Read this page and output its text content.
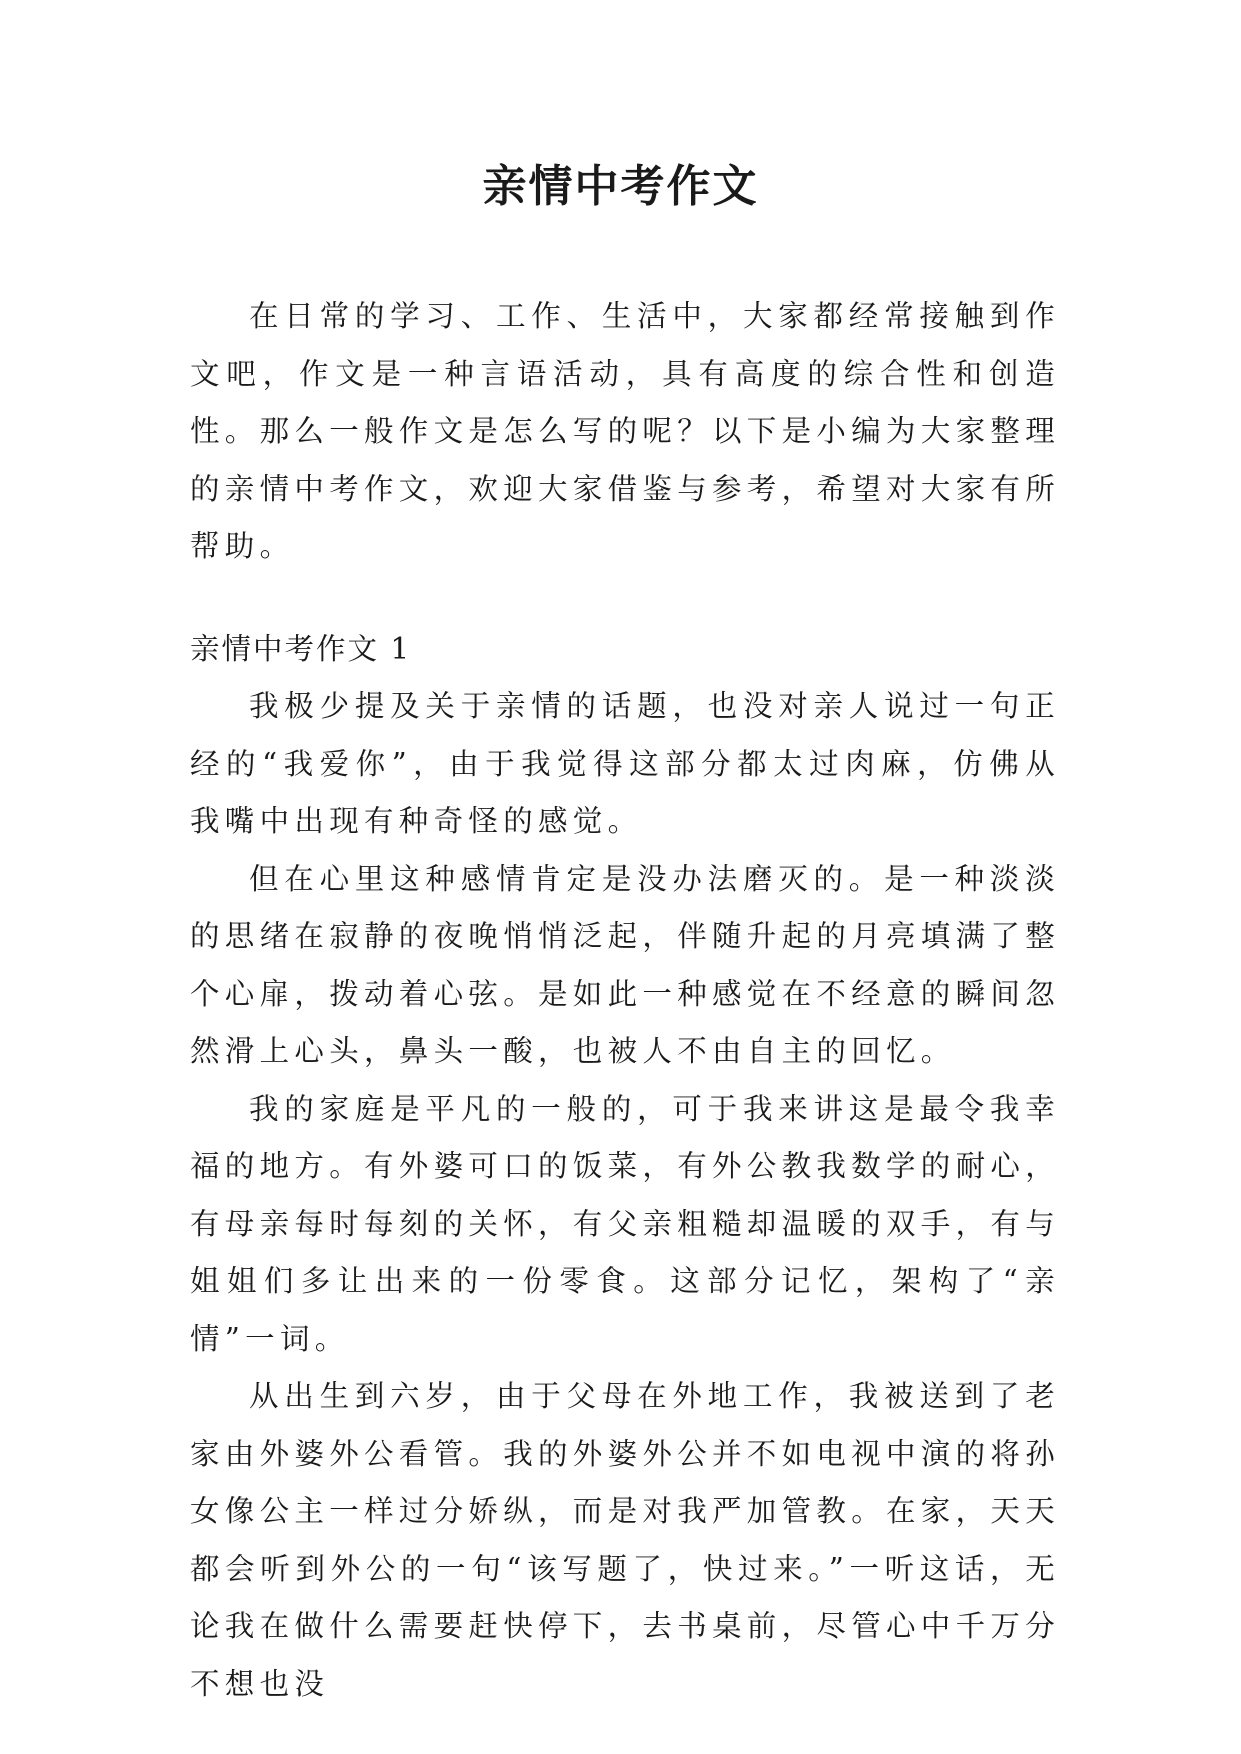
亲情中考作文

在日常的学习、工作、生活中，大家都经常接触到作文吧，作文是一种言语活动，具有高度的综合性和创造性。那么一般作文是怎么写的呢？以下是小编为大家整理的亲情中考作文，欢迎大家借鉴与参考，希望对大家有所帮助。

亲情中考作文 1

我极少提及关于亲情的话题，也没对亲人说过一句正经的“我爱你”，由于我觉得这部分都太过肉麻，仿佛从我嘴中出现有种奇怪的感觉。

但在心里这种感情肯定是没办法磨灭的。是一种淡淡的思绪在寂静的夜晚悄悄泛起，伴随升起的月亮填满了整个心扉，拨动着心弦。是如此一种感觉在不经意的瞬间忽然滑上心头，鼻头一酸，也被人不由自主的回忆。

我的家庭是平凡的一般的，可于我来讲这是最令我幸福的地方。有外婆可口的饭菜，有外公教我数学的耐心，有母亲每时每刻的关怀，有父亲粗糙却温暖的双手，有与姐姐们多让出来的一份零食。这部分记忆，架构了“亲情”一词。

从出生到六岁，由于父母在外地工作，我被送到了老家由外婆外公看管。我的外婆外公并不如电视中演的将孙女像公主一样过分娇纵，而是对我严加管教。在家，天天都会听到外公的一句“该写题了，快过来。”一听这话，无论我在做什么需要赶快停下，去书桌前，尽管心中千万分不想也没
